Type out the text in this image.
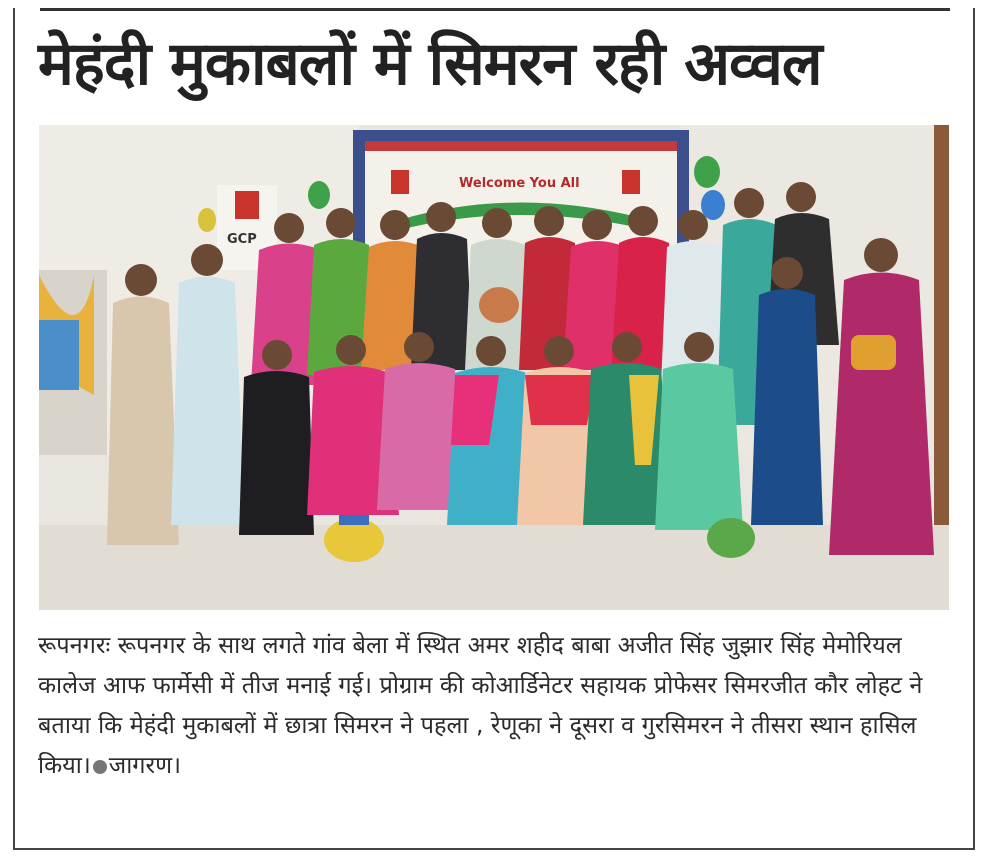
मेहंदी मुकाबलों में सिमरन रही अव्वल
Welcome You All
GCP

रूपनगरः रूपनगर के साथ लगते गांव बेला में स्थित अमर शहीद बाबा अजीत सिंह जुझार सिंह मेमोरियल कालेज आफ फार्मेसी में तीज मनाई गई। प्रोग्राम की कोआर्डिनेटर सहायक प्रोफेसर सिमरजीत कौर लोहट ने बताया कि मेहंदी मुकाबलों में छात्रा सिमरन ने पहला , रेणूका ने दूसरा व गुरसिमरन ने तीसरा स्थान हासिल किया। जागरण।
